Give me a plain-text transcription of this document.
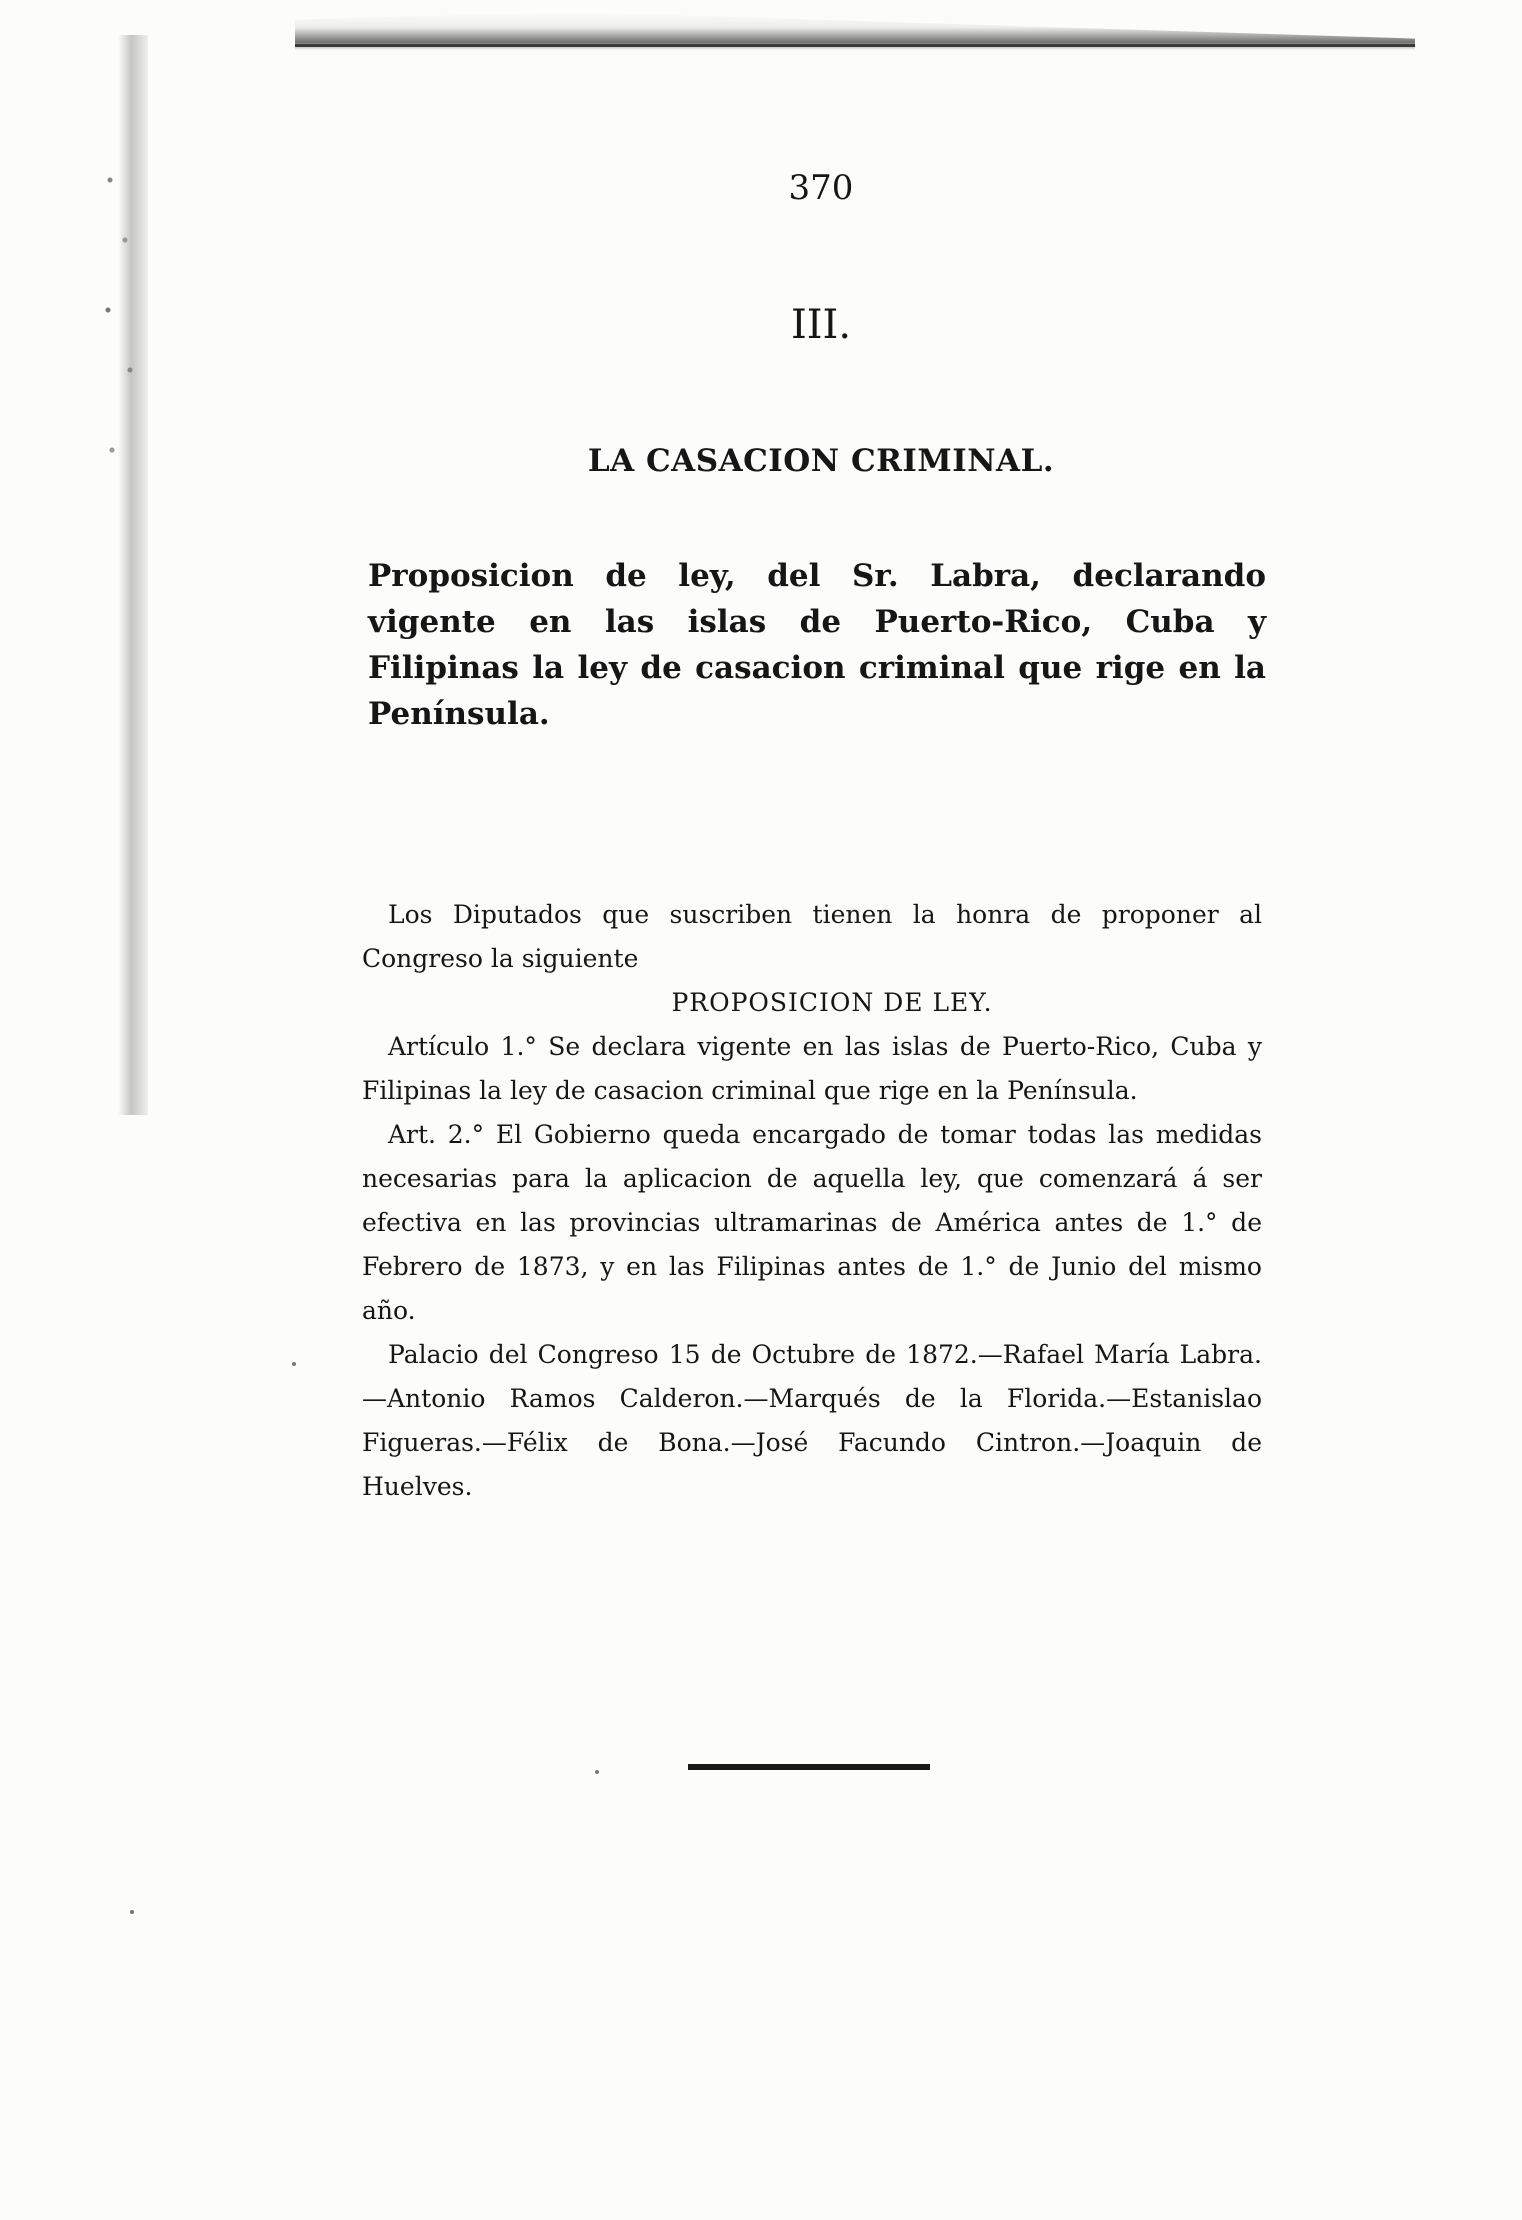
370
III.
LA CASACION CRIMINAL.
Proposicion de ley, del Sr. Labra, declarando vigente en las islas de Puerto-Rico, Cuba y Filipinas la ley de casacion criminal que rige en la Península.

Los Diputados que suscriben tienen la honra de proponer al Congreso la siguiente

PROPOSICION DE LEY.

Artículo 1.° Se declara vigente en las islas de Puerto-Rico, Cuba y Filipinas la ley de casacion criminal que rige en la Península.

Art. 2.° El Gobierno queda encargado de tomar todas las medidas necesarias para la aplicacion de aquella ley, que comenzará á ser efectiva en las provincias ultramarinas de América antes de 1.° de Febrero de 1873, y en las Filipinas antes de 1.° de Junio del mismo año.

Palacio del Congreso 15 de Octubre de 1872.—Rafael María Labra.—Antonio Ramos Calderon.—Marqués de la Florida.—Estanislao Figueras.—Félix de Bona.—José Facundo Cintron.—Joaquin de Huelves.
